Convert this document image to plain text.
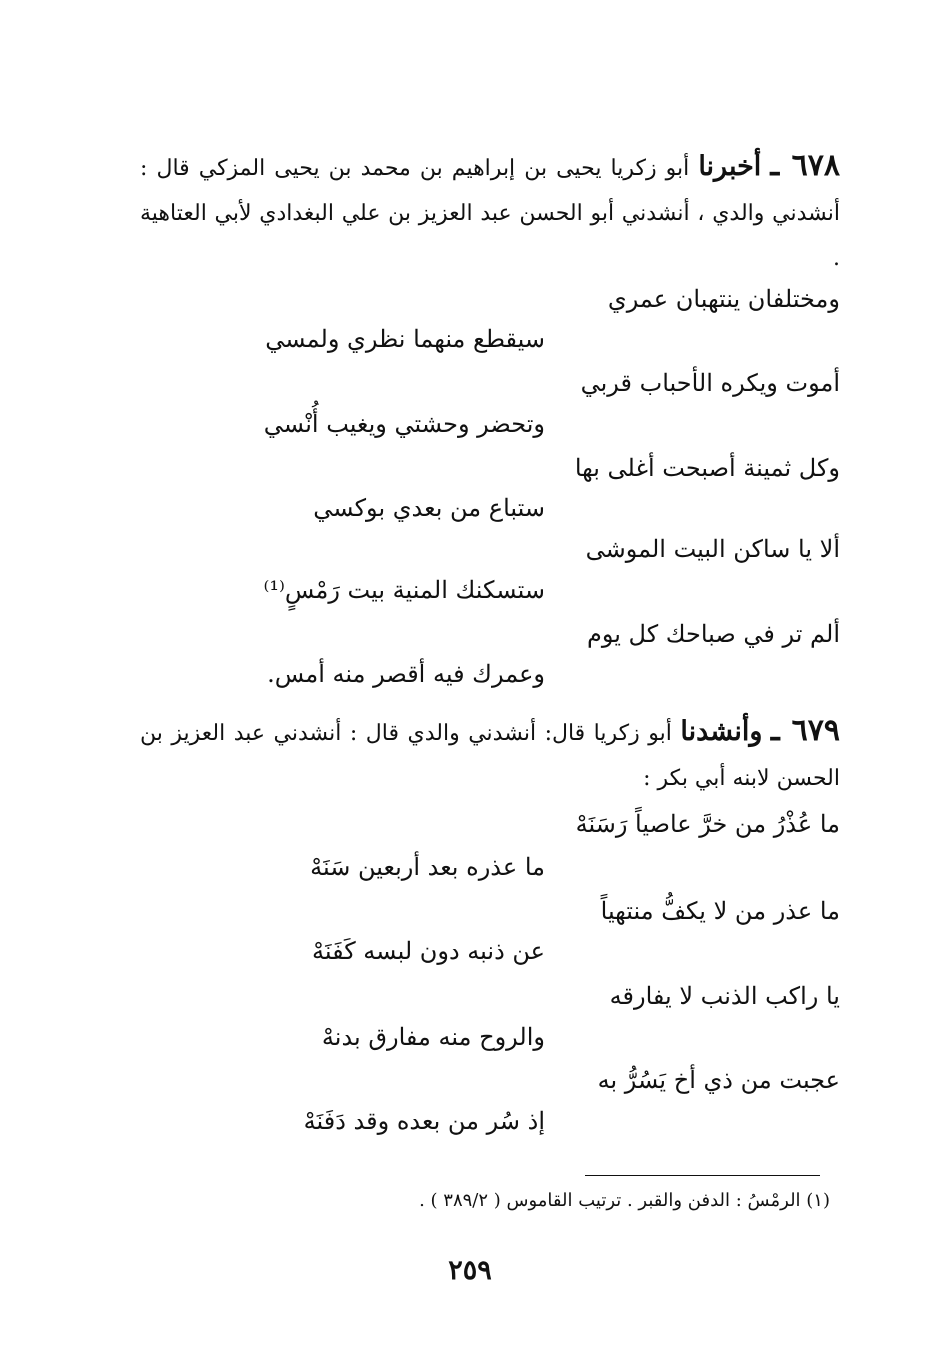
٦٧٨ ـ أخبرنا أبو زكريا يحيى بن إبراهيم بن محمد بن يحيى المزكي قال : أنشدني والدي ، أنشدني أبو الحسن عبد العزيز بن علي البغدادي لأبي العتاهية .
ومختلفان ينتهبان عمري
سيقطع منهما نظري ولمسي
أموت ويكره الأحباب قربي
وتحضر وحشتي ويغيب أُنْسي
وكل ثمينة أصبحت أغلى بها
ستباع من بعدي بوكسي
ألا يا ساكن البيت الموشى
ستسكنك المنية بيت رَمْسٍ⁽¹⁾
ألم تر في صباحك كل يوم
وعمرك فيه أقصر منه أمس.
٦٧٩ ـ وأنشدنا أبو زكريا قال: أنشدني والدي قال : أنشدني عبد العزيز بن الحسن لابنه أبي بكر :
ما عُذْرُ من خرَّ عاصياً رَسَنَهْ
ما عذره بعد أربعين سَنَهْ
ما عذر من لا يكفُّ منتهياً
عن ذنبه دون لبسه كَفَنَهْ
يا راكب الذنب لا يفارقه
والروح منه مفارق بدنهْ
عجبت من ذي أخ يَسُرُّ به
إذ سُر من بعده وقد دَفَنَهْ
(١) الرمْسُ : الدفن والقبر . ترتيب القاموس ( ٣٨٩/٢ ) .
٢٥٩
